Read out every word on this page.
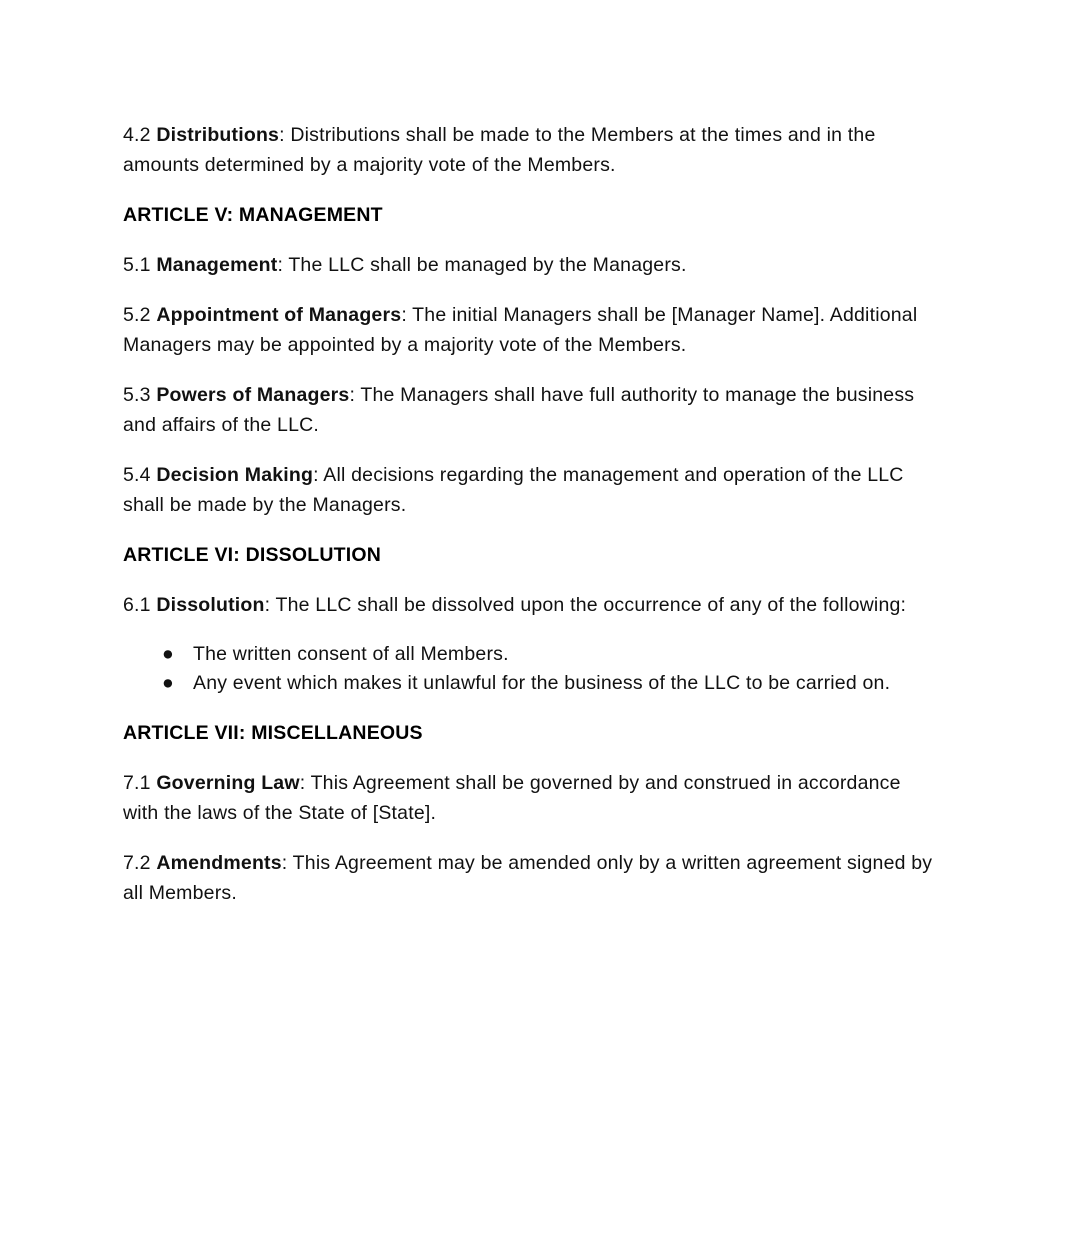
4.2 Distributions: Distributions shall be made to the Members at the times and in the amounts determined by a majority vote of the Members.

ARTICLE V: MANAGEMENT

5.1 Management: The LLC shall be managed by the Managers.

5.2 Appointment of Managers: The initial Managers shall be [Manager Name]. Additional Managers may be appointed by a majority vote of the Members.

5.3 Powers of Managers: The Managers shall have full authority to manage the business and affairs of the LLC.

5.4 Decision Making: All decisions regarding the management and operation of the LLC shall be made by the Managers.

ARTICLE VI: DISSOLUTION

6.1 Dissolution: The LLC shall be dissolved upon the occurrence of any of the following:

● The written consent of all Members.
● Any event which makes it unlawful for the business of the LLC to be carried on.
ARTICLE VII: MISCELLANEOUS

7.1 Governing Law: This Agreement shall be governed by and construed in accordance with the laws of the State of [State].

7.2 Amendments: This Agreement may be amended only by a written agreement signed by all Members.
